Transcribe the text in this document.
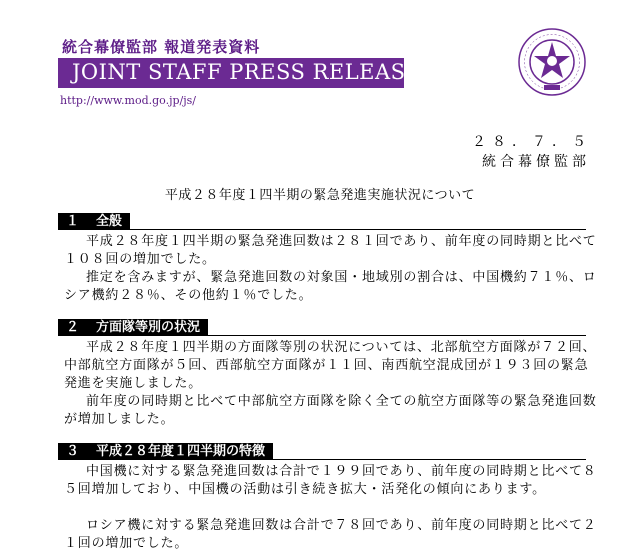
統合幕僚監部 報道発表資料
JOINT STAFF PRESS RELEASE
http://www.mod.go.jp/js/
２８．７．５
統合幕僚監部
平成２８年度１四半期の緊急発進実施状況について
１ 全般

平成２８年度１四半期の緊急発進回数は２８１回であり、前年度の同時期と比べて１０８回の増加でした。

推定を含みますが、緊急発進回数の対象国・地域別の割合は、中国機約７１％、ロシア機約２８％、その他約１％でした。

２ 方面隊等別の状況

平成２８年度１四半期の方面隊等別の状況については、北部航空方面隊が７２回、中部航空方面隊が５回、西部航空方面隊が１１回、南西航空混成団が１９３回の緊急発進を実施しました。

前年度の同時期と比べて中部航空方面隊を除く全ての航空方面隊等の緊急発進回数が増加しました。

３ 平成２８年度１四半期の特徴

中国機に対する緊急発進回数は合計で１９９回であり、前年度の同時期と比べて８５回増加しており、中国機の活動は引き続き拡大・活発化の傾向にあります。

ロシア機に対する緊急発進回数は合計で７８回であり、前年度の同時期と比べて２１回の増加でした。
